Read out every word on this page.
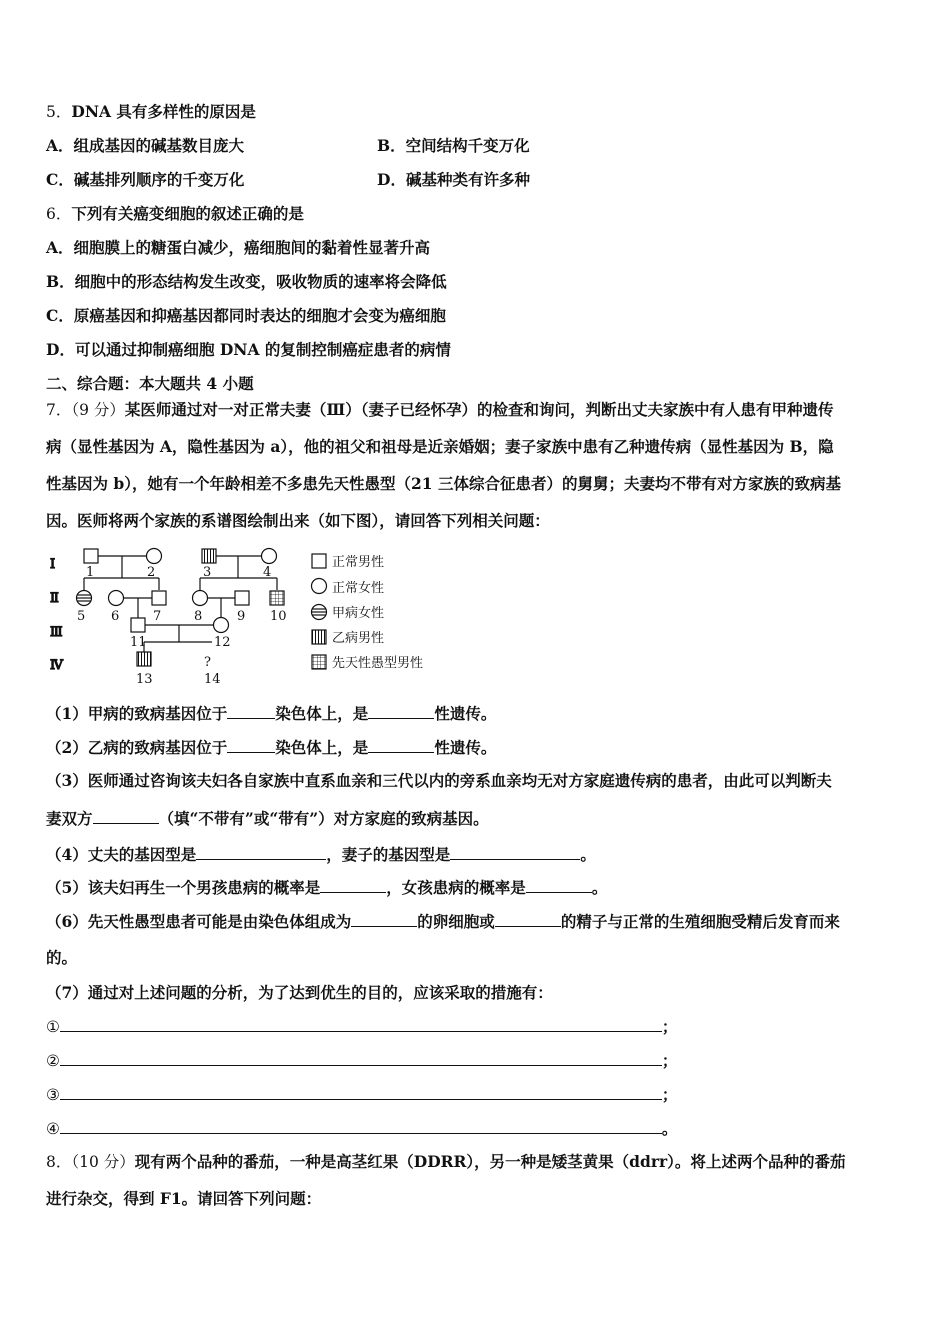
5．DNA 具有多样性的原因是
A．组成基因的碱基数目庞大	B．空间结构千变万化
C．碱基排列顺序的千变万化	D．碱基种类有许多种
6．下列有关癌变细胞的叙述正确的是
A．细胞膜上的糖蛋白减少，癌细胞间的黏着性显著升高
B．细胞中的形态结构发生改变，吸收物质的速率将会降低
C．原癌基因和抑癌基因都同时表达的细胞才会变为癌细胞
D．可以通过抑制癌细胞 DNA 的复制控制癌症患者的病情
二、综合题：本大题共 4 小题
7．（9 分）某医师通过对一对正常夫妻（Ⅲ）（妻子已经怀孕）的检查和询问，判断出丈夫家族中有人患有甲种遗传
病（显性基因为 A，隐性基因为 a），他的祖父和祖母是近亲婚姻；妻子家族中患有乙种遗传病（显性基因为 B，隐
性基因为 b），她有一个年龄相差不多患先天性愚型（21 三体综合征患者）的舅舅；夫妻均不带有对方家族的致病基
因。医师将两个家族的系谱图绘制出来（如下图），请回答下列相关问题：
Ⅰ
Ⅱ
Ⅲ
Ⅳ
1	2	3	4
5 6	7	8	9 10
11	12
13
?
14
正常男性
正常女性
甲病女性
乙病男性
先天性愚型男性
（1）甲病的致病基因位于	染色体上，是	性遗传。
（2）乙病的致病基因位于	染色体上，是	性遗传。
（3）医师通过咨询该夫妇各自家族中直系血亲和三代以内的旁系血亲均无对方家庭遗传病的患者，由此可以判断夫
妻双方	（填“不带有”或“带有”）对方家庭的致病基因。
（4）丈夫的基因型是	，妻子的基因型是	。
（5）该夫妇再生一个男孩患病的概率是	，女孩患病的概率是	。
（6）先天性愚型患者可能是由染色体组成为	的卵细胞或	的精子与正常的生殖细胞受精后发育而来
的。
（7）通过对上述问题的分析，为了达到优生的目的，应该采取的措施有：
①	；
②	；
③	；
④	。
8．（10 分）现有两个品种的番茄，一种是高茎红果（DDRR），另一种是矮茎黄果（ddrr）。将上述两个品种的番茄
进行杂交，得到 F1。请回答下列问题：
